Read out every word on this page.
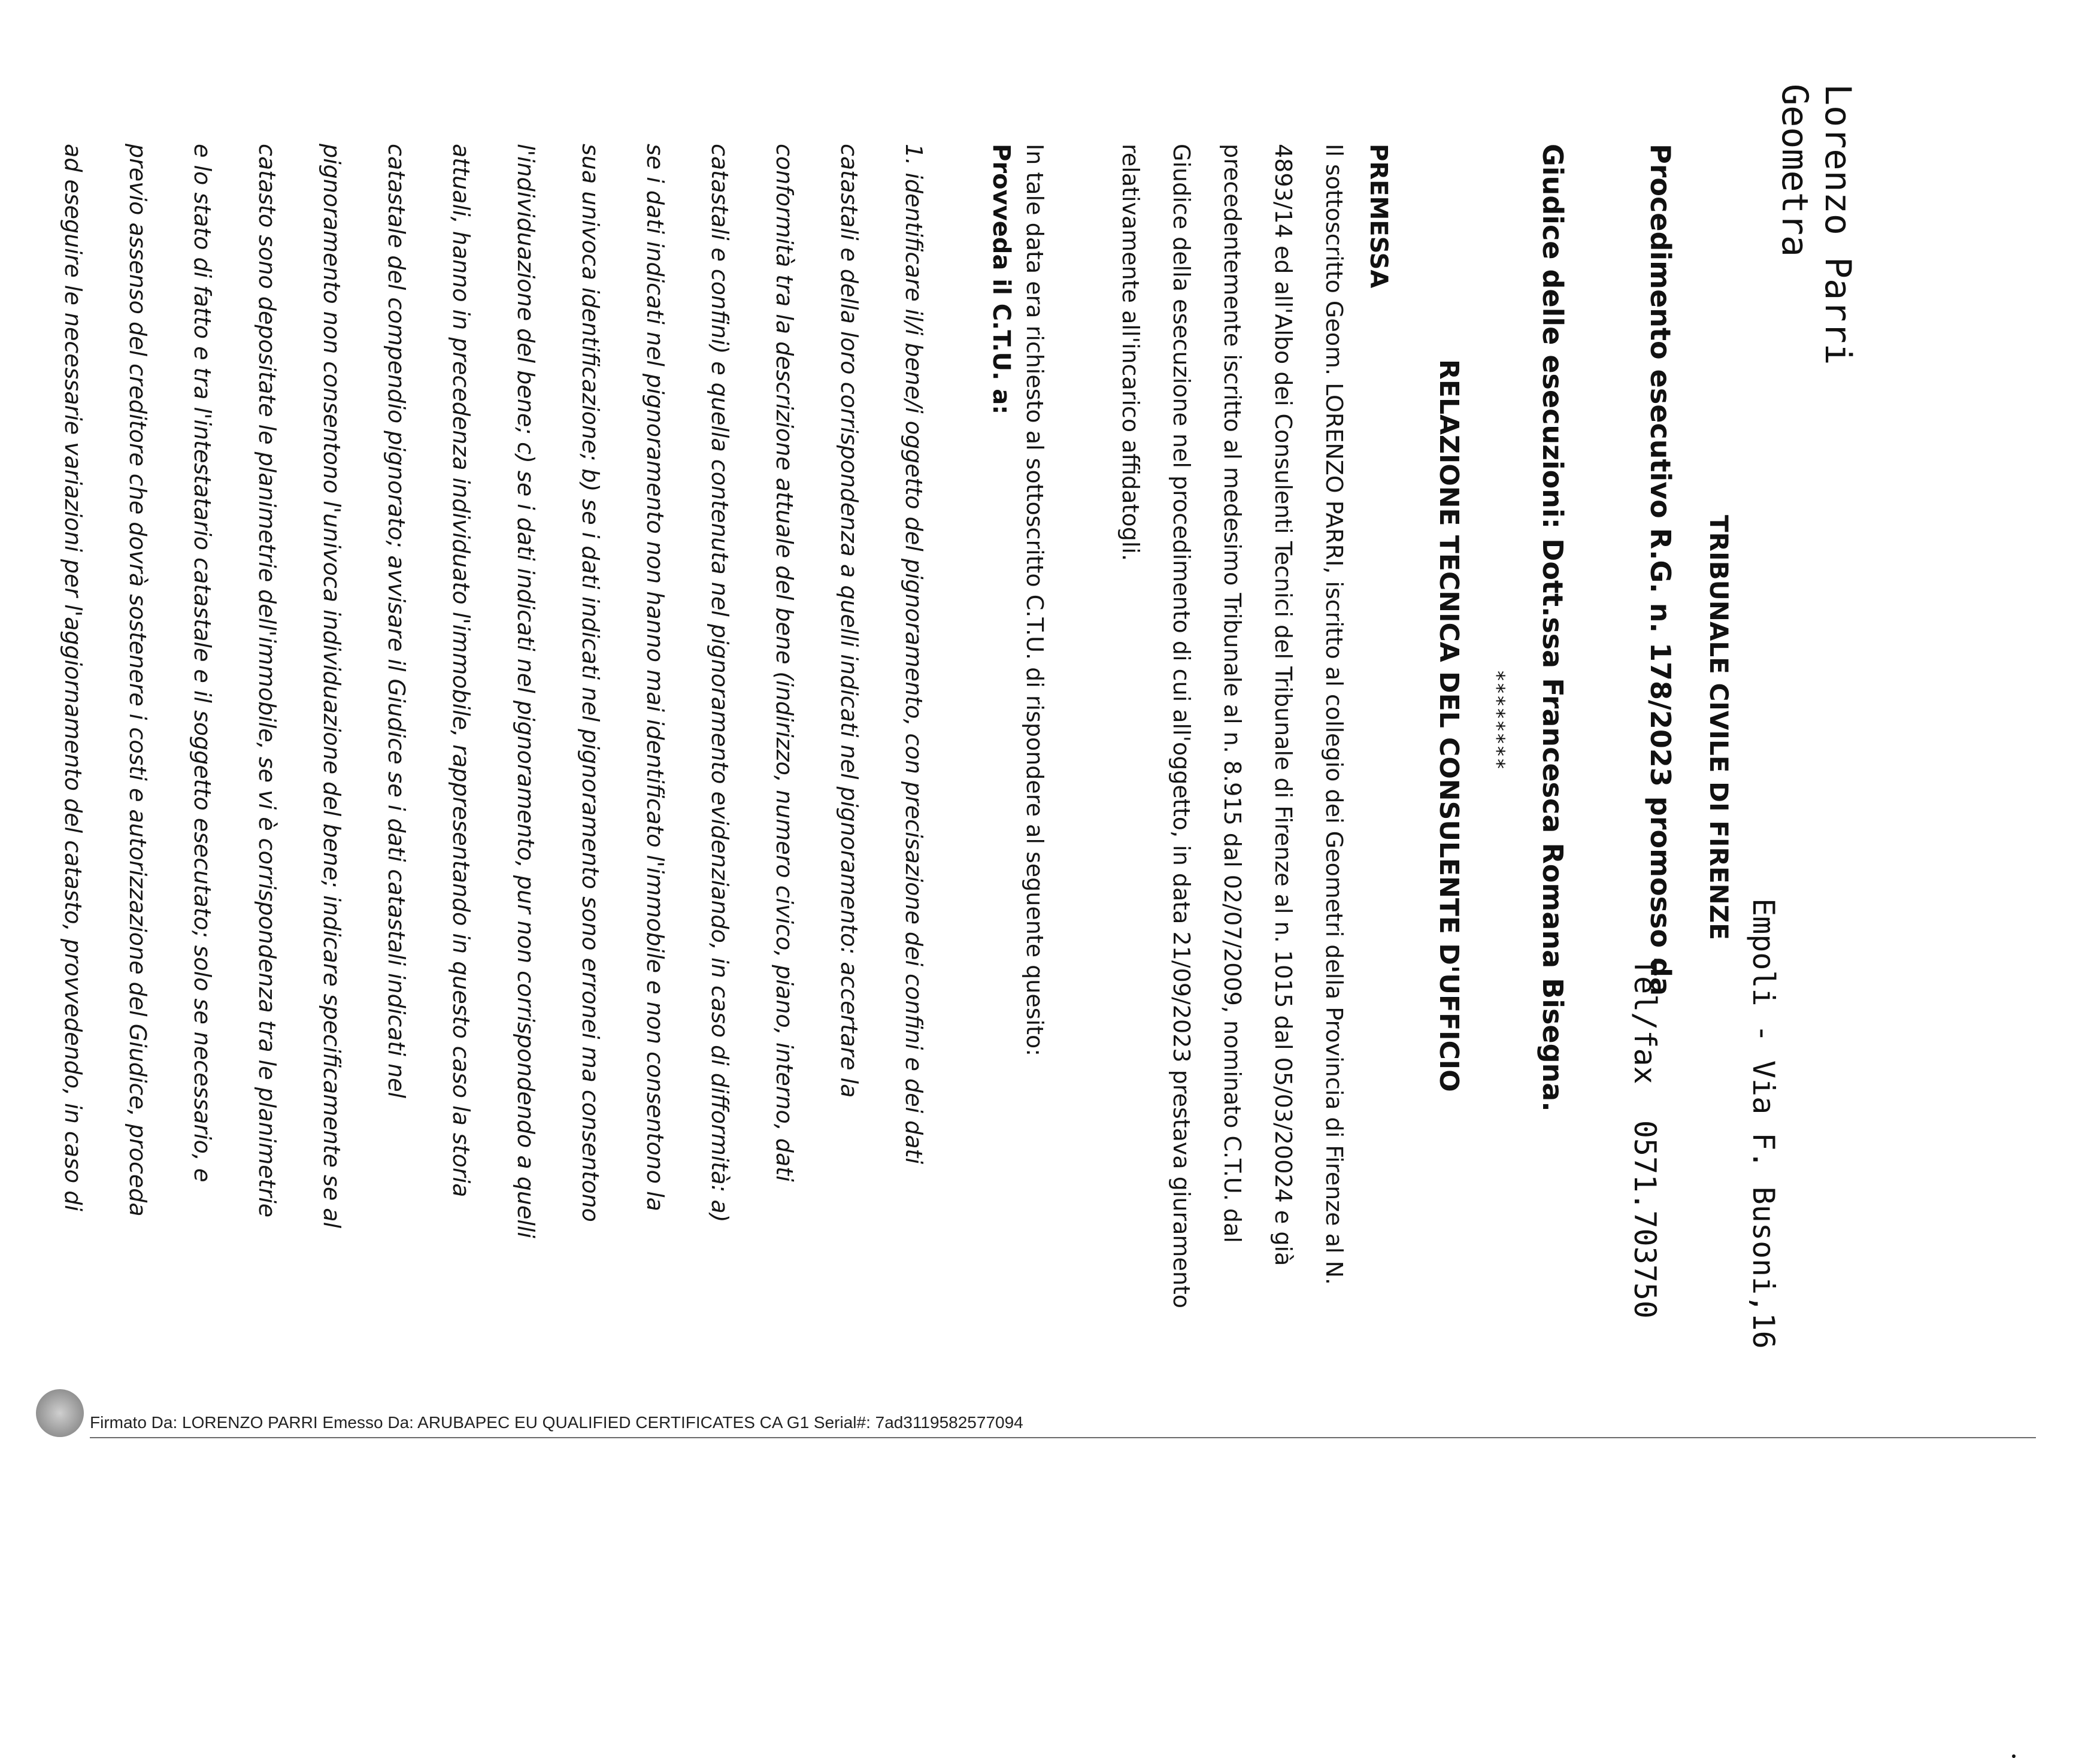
Lorenzo Parri
Geometra

Empoli - Via F. Busoni,16

Tel/fax  0571.703750

TRIBUNALE CIVILE DI FIRENZE
Procedimento esecutivo R.G. n. 178/2023 promosso da
Giudice delle esecuzioni: Dott.ssa Francesca Romana Bisegna.
********
RELAZIONE TECNICA DEL CONSULENTE D'UFFICIO
PREMESSA
Il sottoscritto Geom. LORENZO PARRI, iscritto al collegio dei Geometri della Provincia di Firenze al N.
4893/14 ed all'Albo dei Consulenti Tecnici del Tribunale di Firenze al n. 1015 dal 05/03/20024 e già
precedentemente iscritto al medesimo Tribunale al n. 8.915 dal 02/07/2009, nominato C.T.U. dal
Giudice della esecuzione nel procedimento di cui all'oggetto, in data 21/09/2023 prestava giuramento
relativamente all'incarico affidatogli.
In tale data era richiesto al sottoscritto C.T.U. di rispondere al seguente quesito:
Provveda il C.T.U. a:
1. identificare il/i bene/i oggetto del pignoramento, con precisazione dei confini e dei dati
catastali e della loro corrispondenza a quelli indicati nel pignoramento: accertare la
conformità tra la descrizione attuale del bene (indirizzo, numero civico, piano, interno, dati
catastali e confini) e quella contenuta nel pignoramento evidenziando, in caso di difformità: a)
se i dati indicati nel pignoramento non hanno mai identificato l'immobile e non consentono la
sua univoca identificazione; b) se i dati indicati nel pignoramento sono erronei ma consentono
l'individuazione del bene; c) se i dati indicati nel pignoramento, pur non corrispondendo a quelli
attuali, hanno in precedenza individuato l'immobile, rappresentando in questo caso la storia
catastale del compendio pignorato; avvisare il Giudice se i dati catastali indicati nel
pignoramento non consentono l'univoca individuazione del bene; indicare specificamente se al
catasto sono depositate le planimetrie dell'immobile, se vi è corrispondenza tra le planimetrie
e lo stato di fatto e tra l'intestatario catastale e il soggetto esecutato; solo se necessario, e
previo assenso del creditore che dovrà sostenere i costi e autorizzazione del Giudice, proceda
ad eseguire le necessarie variazioni per l'aggiornamento del catasto, provvedendo, in caso di
Firmato Da: LORENZO PARRI Emesso Da: ARUBAPEC EU QUALIFIED CERTIFICATES CA G1 Serial#: 7ad3119582577094
